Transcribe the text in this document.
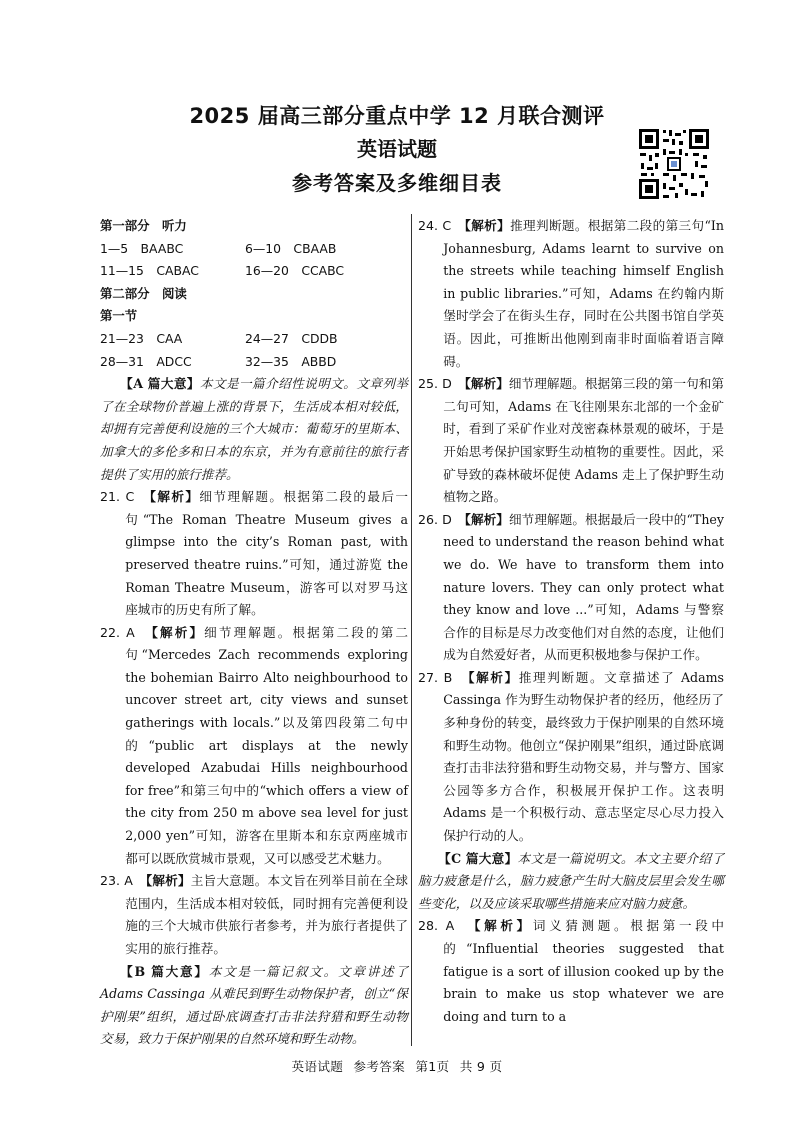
2025 届高三部分重点中学 12 月联合测评
英语试题
参考答案及多维细目表
第一部分　听力
1—5　BAABC	6—10　CBAAB
11—15　CABAC	16—20　CCABC
第二部分　阅读
第一节
21—23　CAA	24—27　CDDB
28—31　ADCC	32—35　ABBD
【A 篇大意】本文是一篇介绍性说明文。文章列举了在全球物价普遍上涨的背景下，生活成本相对较低，却拥有完善便利设施的三个大城市：葡萄牙的里斯本、加拿大的多伦多和日本的东京，并为有意前往的旅行者提供了实用的旅行推荐。
21. C　 【解析】细节理解题。根据第二段的最后一句“The Roman Theatre Museum gives a glimpse into the city’s Roman past, with preserved theatre ruins.”可知，通过游览 the Roman Theatre Museum，游客可以对罗马这座城市的历史有所了解。
22. A　 【解析】细节理解题。根据第二段的第二句“Mercedes Zach recommends exploring the bohemian Bairro Alto neighbourhood to uncover street art, city views and sunset gatherings with locals.”以及第四段第二句中的“public art displays at the newly developed Azabudai Hills neighbourhood for free”和第三句中的“which offers a view of the city from 250 m above sea level for just 2,000 yen”可知，游客在里斯本和东京两座城市都可以既欣赏城市景观，又可以感受艺术魅力。
23. A　 【解析】主旨大意题。本文旨在列举目前在全球范围内，生活成本相对较低，同时拥有完善便利设施的三个大城市供旅行者参考，并为旅行者提供了实用的旅行推荐。
【B 篇大意】本文是一篇记叙文。文章讲述了 Adams Cassinga 从难民到野生动物保护者，创立“保护刚果”组织，通过卧底调查打击非法狩猎和野生动物交易，致力于保护刚果的自然环境和野生动物。
24. C　 【解析】推理判断题。根据第二段的第三句“In Johannesburg, Adams learnt to survive on the streets while teaching himself English in public libraries.”可知，Adams 在约翰内斯堡时学会了在街头生存，同时在公共图书馆自学英语。因此，可推断出他刚到南非时面临着语言障碍。
25. D　 【解析】细节理解题。根据第三段的第一句和第二句可知，Adams 在飞往刚果东北部的一个金矿时，看到了采矿作业对茂密森林景观的破坏，于是开始思考保护国家野生动植物的重要性。因此，采矿导致的森林破坏促使 Adams 走上了保护野生动植物之路。
26. D　 【解析】细节理解题。根据最后一段中的“They need to understand the reason behind what we do. We have to transform them into nature lovers. They can only protect what they know and love ...”可知，Adams 与警察合作的目标是尽力改变他们对自然的态度，让他们成为自然爱好者，从而更积极地参与保护工作。
27. B　 【解析】推理判断题。文章描述了 Adams Cassinga 作为野生动物保护者的经历，他经历了多种身份的转变，最终致力于保护刚果的自然环境和野生动物。他创立“保护刚果”组织，通过卧底调查打击非法狩猎和野生动物交易，并与警方、国家公园等多方合作，积极展开保护工作。这表明 Adams 是一个积极行动、意志坚定尽心尽力投入保护行动的人。
【C 篇大意】本文是一篇说明文。本文主要介绍了脑力疲惫是什么，脑力疲惫产生时大脑皮层里会发生哪些变化，以及应该采取哪些措施来应对脑力疲惫。
28. A　 【解析】词义猜测题。根据第一段中的“Influential theories suggested that fatigue is a sort of illusion cooked up by the brain to make us stop whatever we are doing and turn to a
英语试题 参考答案 第1页 共 9 页
